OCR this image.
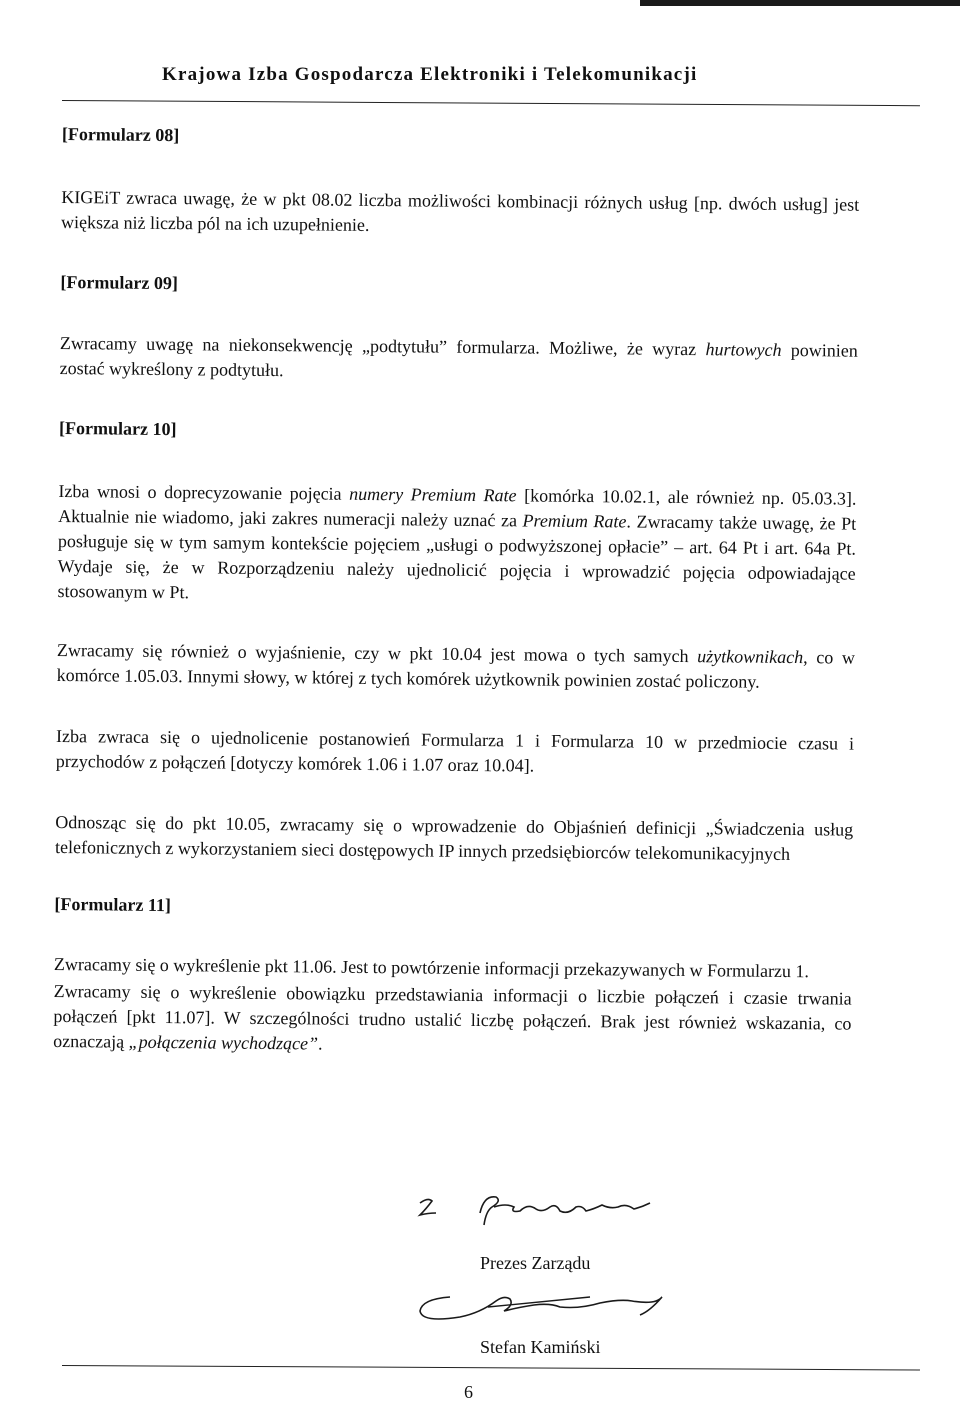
Krajowa Izba Gospodarcza Elektroniki i Telekomunikacji
[Formularz 08]

KIGEiT zwraca uwagę, że w pkt 08.02 liczba możliwości kombinacji różnych usług [np. dwóch usług] jest większa niż liczba pól na ich uzupełnienie.

[Formularz 09]

Zwracamy uwagę na niekonsekwencję „podtytułu” formularza. Możliwe, że wyraz hurtowych powinien zostać wykreślony z podtytułu.

[Formularz 10]

Izba wnosi o doprecyzowanie pojęcia numery Premium Rate [komórka 10.02.1, ale również np. 05.03.3]. Aktualnie nie wiadomo, jaki zakres numeracji należy uznać za Premium Rate. Zwracamy także uwagę, że Pt posługuje się w tym samym kontekście pojęciem „usługi o podwyższonej opłacie” – art. 64 Pt i art. 64a Pt. Wydaje się, że w Rozporządzeniu należy ujednolicić pojęcia i wprowadzić pojęcia odpowiadające stosowanym w Pt.

Zwracamy się również o wyjaśnienie, czy w pkt 10.04 jest mowa o tych samych użytkownikach, co w komórce 1.05.03. Innymi słowy, w której z tych komórek użytkownik powinien zostać policzony.

Izba zwraca się o ujednolicenie postanowień Formularza 1 i Formularza 10 w przedmiocie czasu i przychodów z połączeń [dotyczy komórek 1.06 i 1.07 oraz 10.04].

Odnosząc się do pkt 10.05, zwracamy się o wprowadzenie do Objaśnień definicji „Świadczenia usług telefonicznych z wykorzystaniem sieci dostępowych IP innych przedsiębiorców telekomunikacyjnych

[Formularz 11]

Zwracamy się o wykreślenie pkt 11.06. Jest to powtórzenie informacji przekazywanych w Formularzu 1.

Zwracamy się o wykreślenie obowiązku przedstawiania informacji o liczbie połączeń i czasie trwania połączeń [pkt 11.07]. W szczególności trudno ustalić liczbę połączeń. Brak jest również wskazania, co oznaczają „połączenia wychodzące”.

Prezes Zarządu
Stefan Kamiński
6
